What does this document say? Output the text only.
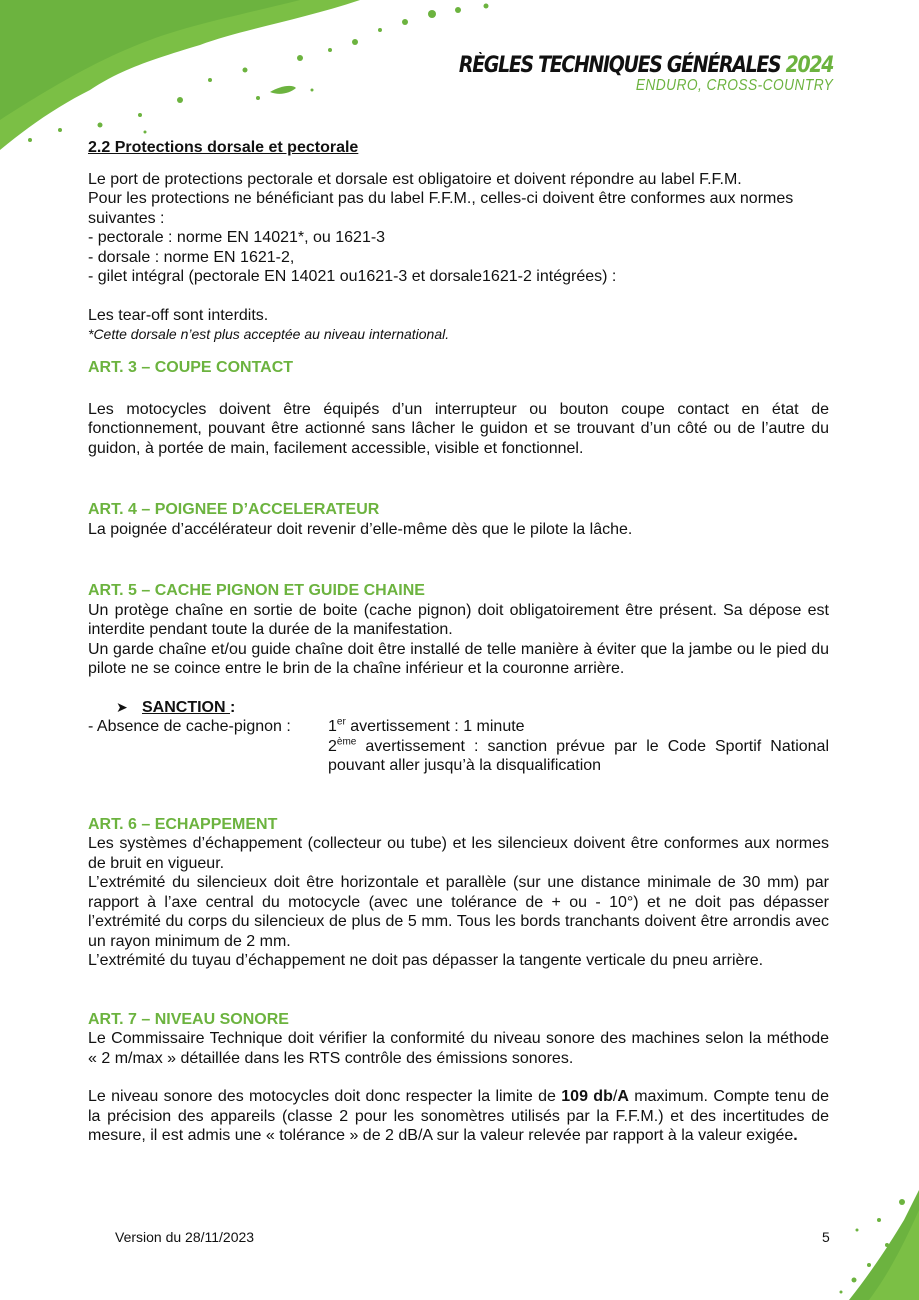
RÈGLES TECHNIQUES GÉNÉRALES 2024
ENDURO, CROSS-COUNTRY

2.2 Protections dorsale et pectorale

Le port de protections pectorale et dorsale est obligatoire et doivent répondre au label F.F.M.

Pour les protections ne bénéficiant pas du label F.F.M., celles-ci doivent être conformes aux normes suivantes :

- pectorale : norme EN 14021*, ou 1621-3
- dorsale : norme EN 1621-2,
- gilet intégral (pectorale EN 14021 ou1621-3 et dorsale1621-2 intégrées) :

Les tear-off sont interdits.

*Cette dorsale n’est plus acceptée au niveau international.

ART. 3 – COUPE CONTACT

Les motocycles doivent être équipés d’un interrupteur ou bouton coupe contact en état de fonctionnement, pouvant être actionné sans lâcher le guidon et se trouvant d’un côté ou de l’autre du guidon, à portée de main, facilement accessible, visible et fonctionnel.

ART. 4 – POIGNEE D’ACCELERATEUR

La poignée d’accélérateur doit revenir d’elle-même dès que le pilote la lâche.

ART. 5 – CACHE PIGNON ET GUIDE CHAINE

Un protège chaîne en sortie de boite (cache pignon) doit obligatoirement être présent. Sa dépose est interdite pendant toute la durée de la manifestation.

Un garde chaîne et/ou guide chaîne doit être installé de telle manière à éviter que la jambe ou le pied du pilote ne se coince entre le brin de la chaîne inférieur et la couronne arrière.

➤ SANCTION :

- Absence de cache-pignon :	1er avertissement : 1 minute
2ème avertissement : sanction prévue par le Code Sportif National pouvant aller jusqu’à la disqualification

ART. 6 – ECHAPPEMENT

Les systèmes d’échappement (collecteur ou tube) et les silencieux doivent être conformes aux normes de bruit en vigueur.

L’extrémité du silencieux doit être horizontale et parallèle (sur une distance minimale de 30 mm) par rapport à l’axe central du motocycle (avec une tolérance de + ou - 10°) et ne doit pas dépasser l’extrémité du corps du silencieux de plus de 5 mm. Tous les bords tranchants doivent être arrondis avec un rayon minimum de 2 mm.

L’extrémité du tuyau d’échappement ne doit pas dépasser la tangente verticale du pneu arrière.

ART. 7 – NIVEAU SONORE

Le Commissaire Technique doit vérifier la conformité du niveau sonore des machines selon la méthode « 2 m/max » détaillée dans les RTS contrôle des émissions sonores.

Le niveau sonore des motocycles doit donc respecter la limite de 109 db/A maximum. Compte tenu de la précision des appareils (classe 2 pour les sonomètres utilisés par la F.F.M.) et des incertitudes de mesure, il est admis une « tolérance » de 2 dB/A sur la valeur relevée par rapport à la valeur exigée.

Version du 28/11/2023	5
